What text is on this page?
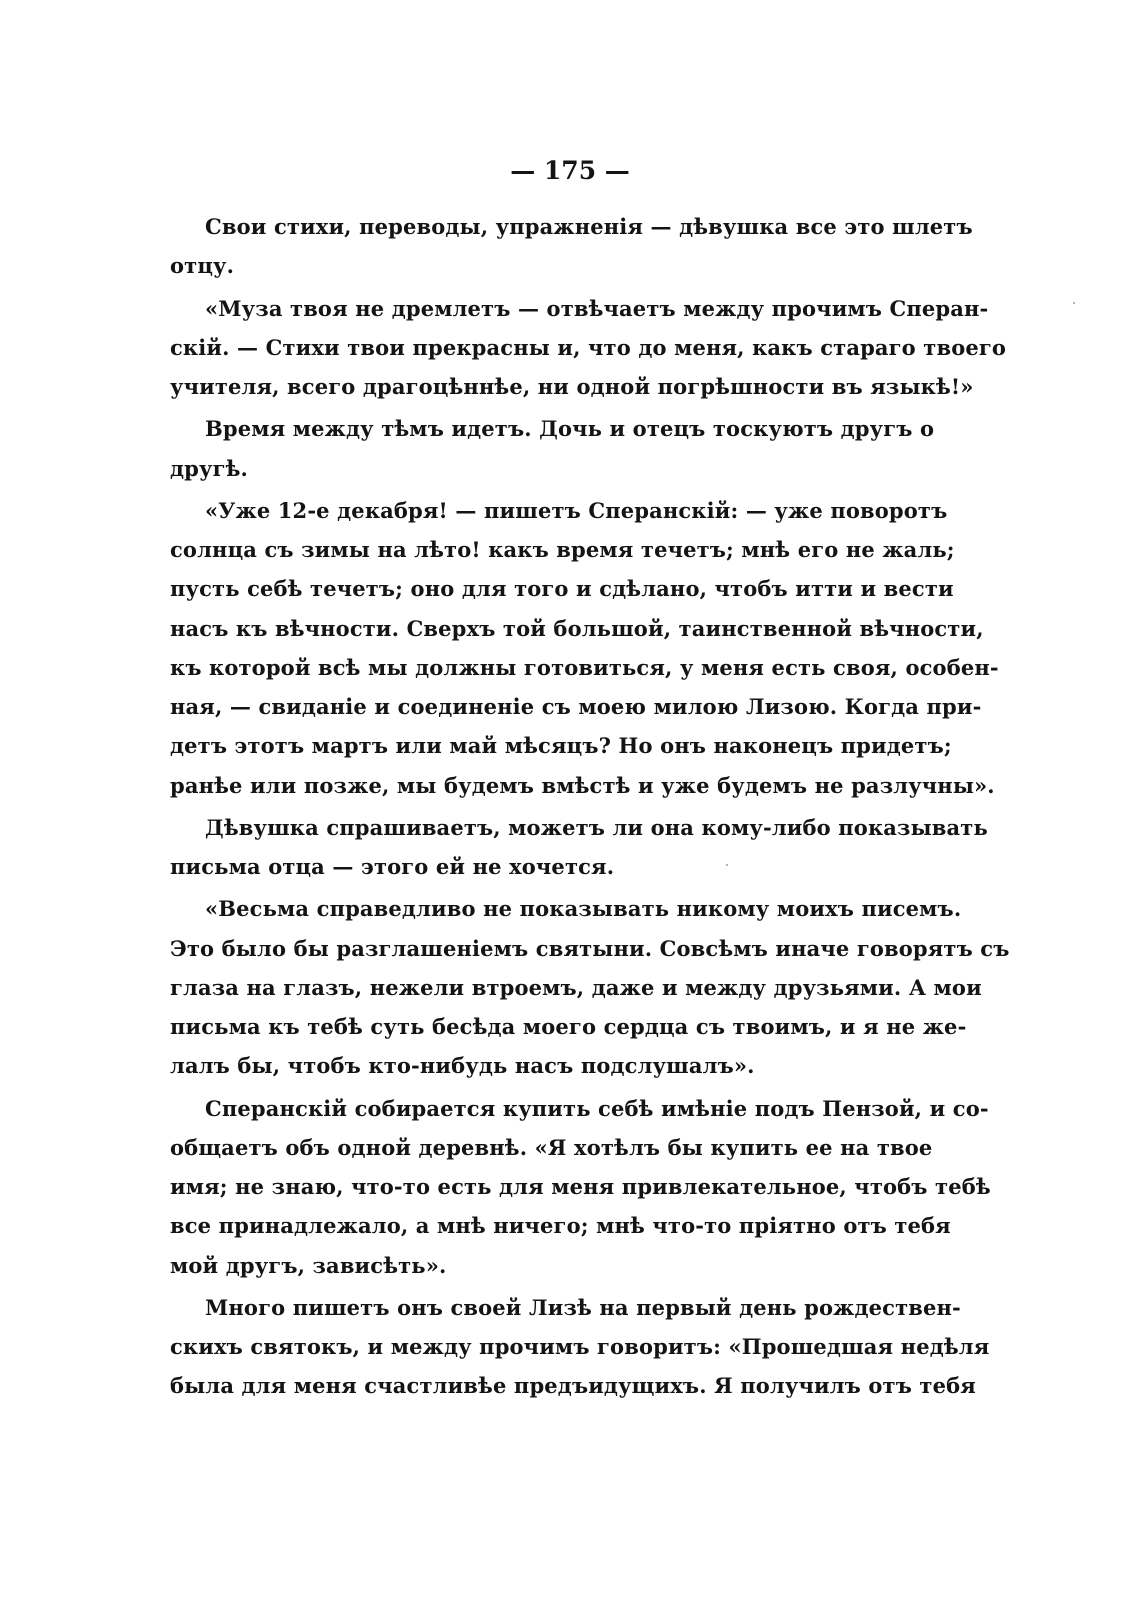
— 175 —
Свои стихи, переводы, упражненія — дѣвушка все это шлетъ
отцу.
«Муза твоя не дремлетъ — отвѣчаетъ между прочимъ Сперан-
скій. — Стихи твои прекрасны и, что до меня, какъ стараго твоего
учителя, всего драгоцѣннѣе, ни одной погрѣшности въ языкѣ!»
Время между тѣмъ идетъ. Дочь и отецъ тоскуютъ другъ о
другѣ.
«Уже 12-е декабря! — пишетъ Сперанскій: — уже поворотъ
солнца съ зимы на лѣто! какъ время течетъ; мнѣ его не жаль;
пусть себѣ течетъ; оно для того и сдѣлано, чтобъ итти и вести
насъ къ вѣчности. Сверхъ той большой, таинственной вѣчности,
къ которой всѣ мы должны готовиться, у меня есть своя, особен-
ная, — свиданіе и соединеніе съ моею милою Лизою. Когда при-
детъ этотъ мартъ или май мѣсяцъ? Но онъ наконецъ придетъ;
ранѣе или позже, мы будемъ вмѣстѣ и уже будемъ не разлучны».
Дѣвушка спрашиваетъ, можетъ ли она кому-либо показывать
письма отца — этого ей не хочется.
«Весьма справедливо не показывать никому моихъ писемъ.
Это было бы разглашеніемъ святыни. Совсѣмъ иначе говорятъ съ
глаза на глазъ, нежели втроемъ, даже и между друзьями. А мои
письма къ тебѣ суть бесѣда моего сердца съ твоимъ, и я не же-
лалъ бы, чтобъ кто-нибудь насъ подслушалъ».
Сперанскій собирается купить себѣ имѣніе подъ Пензой, и со-
общаетъ объ одной деревнѣ. «Я хотѣлъ бы купить ее на твое
имя; не знаю, что-то есть для меня привлекательное, чтобъ тебѣ
все принадлежало, а мнѣ ничего; мнѣ что-то пріятно отъ тебя
мой другъ, зависѣть».
Много пишетъ онъ своей Лизѣ на первый день рождествен-
скихъ святокъ, и между прочимъ говоритъ: «Прошедшая недѣля
была для меня счастливѣе предъидущихъ. Я получилъ отъ тебя
